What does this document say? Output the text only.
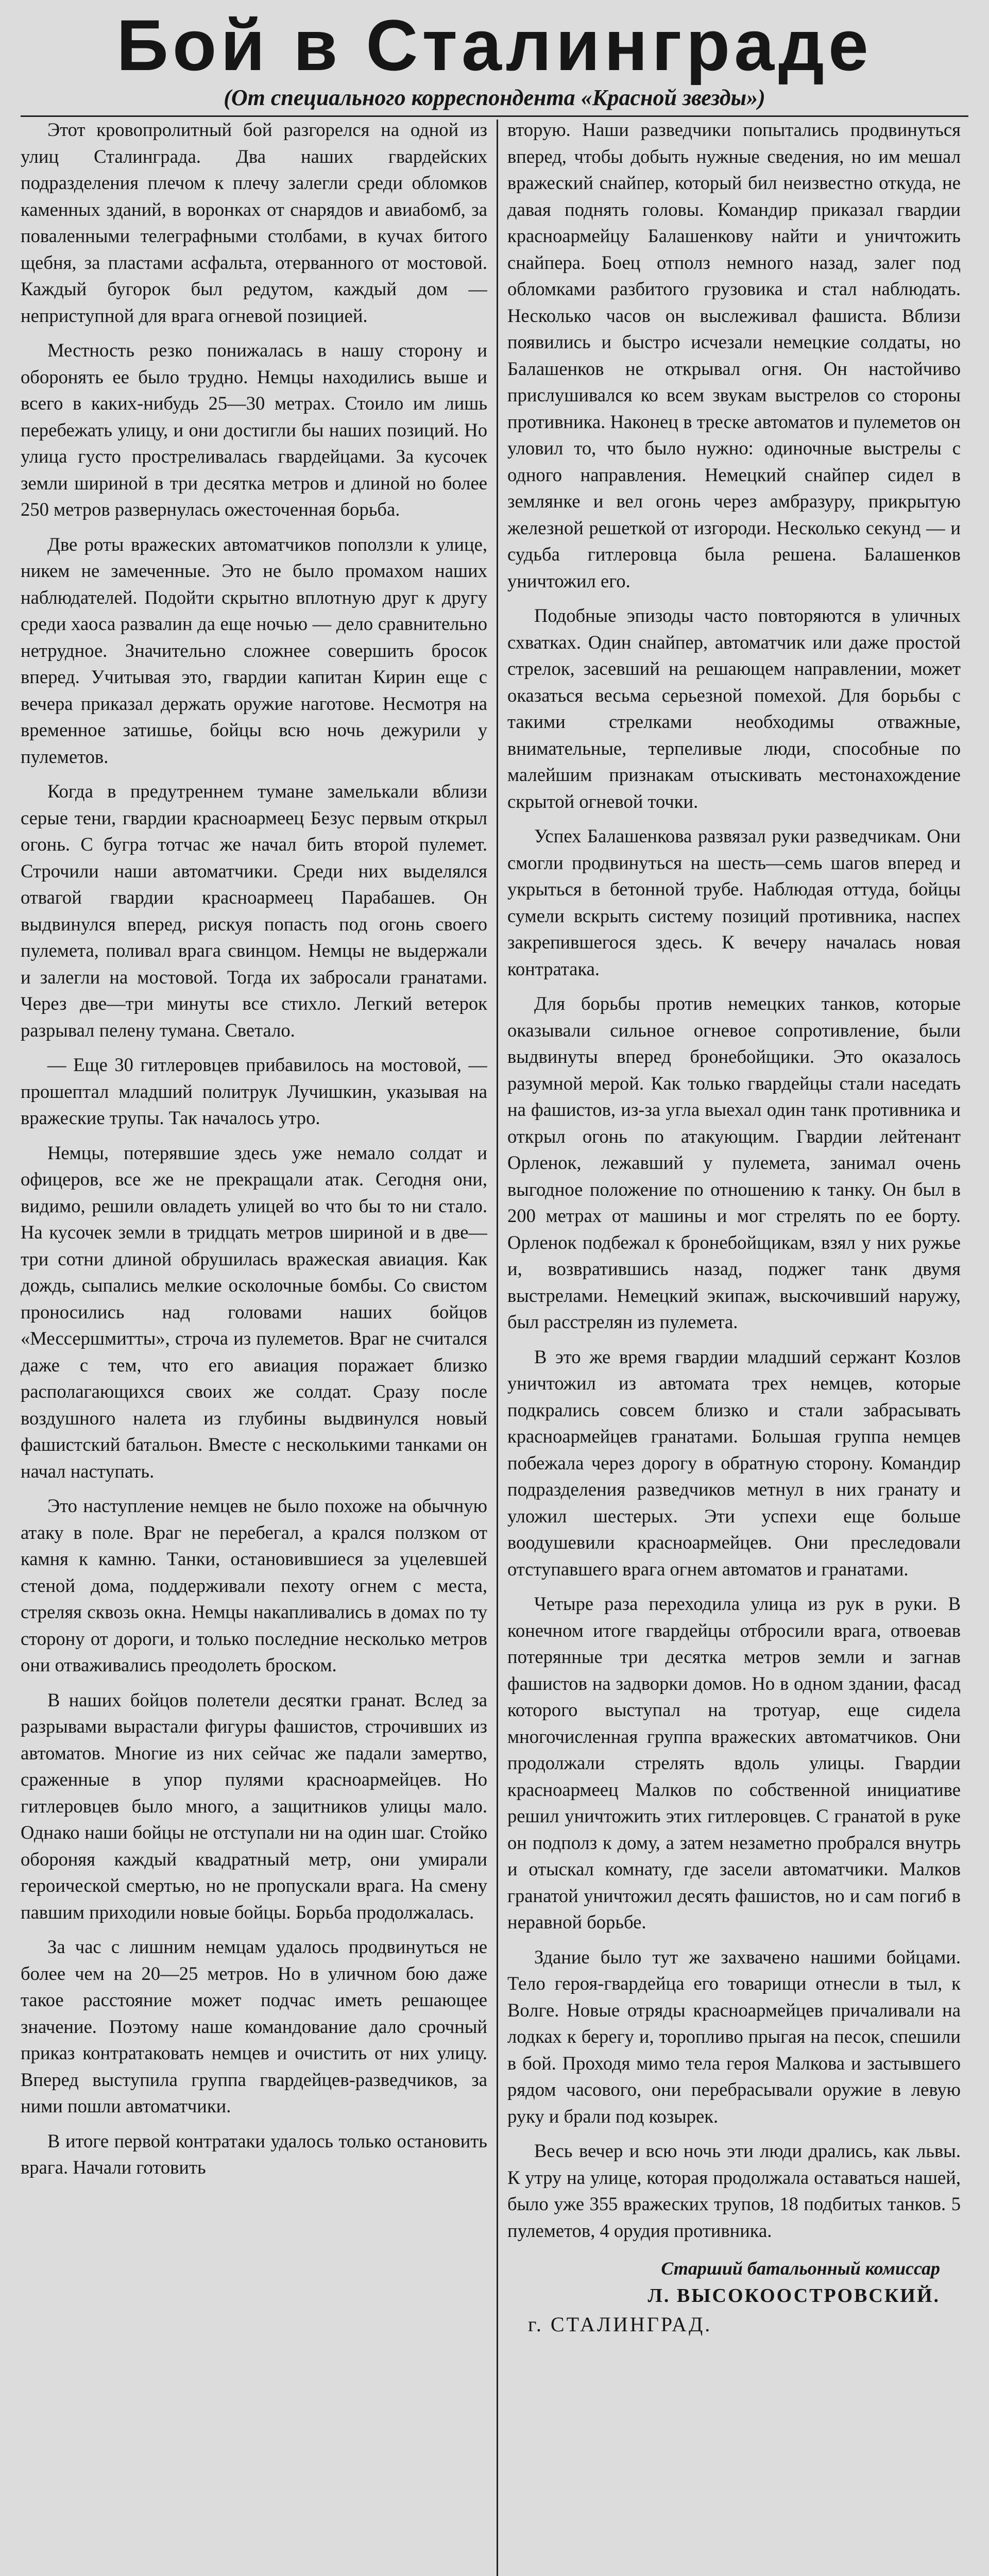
Бой в Сталинграде
(От специального корреспондента «Красной звезды»)

Этот кровопролитный бой разгорелся на одной из улиц Сталинграда. Два наших гвардейских подразделения плечом к плечу залегли среди обломков каменных зданий, в воронках от снарядов и авиабомб, за поваленными телеграфными столбами, в кучах битого щебня, за пластами асфальта, отерванного от мостовой. Каждый бугорок был редутом, каждый дом — неприступной для врага огневой позицией.

Местность резко понижалась в нашу сторону и оборонять ее было трудно. Немцы находились выше и всего в каких-нибудь 25—30 метрах. Стоило им лишь перебежать улицу, и они достигли бы наших позиций. Но улица густо простреливалась гвардейцами. За кусочек земли шириной в три десятка метров и длиной но более 250 метров развернулась ожесточенная борьба.

Две роты вражеских автоматчиков поползли к улице, никем не замеченные. Это не было промахом наших наблюдателей. Подойти скрытно вплотную друг к другу среди хаоса развалин да еще ночью — дело сравнительно нетрудное. Значительно сложнее совершить бросок вперед. Учитывая это, гвардии капитан Кирин еще с вечера приказал держать оружие наготове. Несмотря на временное затишье, бойцы всю ночь дежурили у пулеметов.

Когда в предутреннем тумане замелькали вблизи серые тени, гвардии красноармеец Безус первым открыл огонь. С бугра тотчас же начал бить второй пулемет. Строчили наши автоматчики. Среди них выделялся отвагой гвардии красноармеец Парабашев. Он выдвинулся вперед, рискуя попасть под огонь своего пулемета, поливал врага свинцом. Немцы не выдержали и залегли на мостовой. Тогда их забросали гранатами. Через две—три минуты все стихло. Легкий ветерок разрывал пелену тумана. Светало.

— Еще 30 гитлеровцев прибавилось на мостовой, — прошептал младший политрук Лучишкин, указывая на вражеские трупы. Так началось утро.

Немцы, потерявшие здесь уже немало солдат и офицеров, все же не прекращали атак. Сегодня они, видимо, решили овладеть улицей во что бы то ни стало. На кусочек земли в тридцать метров шириной и в две—три сотни длиной обрушилась вражеская авиация. Как дождь, сыпались мелкие осколочные бомбы. Со свистом проносились над головами наших бойцов «Мессершмитты», строча из пулеметов. Враг не считался даже с тем, что его авиация поражает близко располагающихся своих же солдат. Сразу после воздушного налета из глубины выдвинулся новый фашистский батальон. Вместе с несколькими танками он начал наступать.

Это наступление немцев не было похоже на обычную атаку в поле. Враг не перебегал, а крался ползком от камня к камню. Танки, остановившиеся за уцелевшей стеной дома, поддерживали пехоту огнем с места, стреляя сквозь окна. Немцы накапливались в домах по ту сторону от дороги, и только последние несколько метров они отваживались преодолеть броском.

В наших бойцов полетели десятки гранат. Вслед за разрывами вырастали фигуры фашистов, строчивших из автоматов. Многие из них сейчас же падали замертво, сраженные в упор пулями красноармейцев. Но гитлеровцев было много, а защитников улицы мало. Однако наши бойцы не отступали ни на один шаг. Стойко обороняя каждый квадратный метр, они умирали героической смертью, но не пропускали врага. На смену павшим приходили новые бойцы. Борьба продолжалась.

За час с лишним немцам удалось продвинуться не более чем на 20—25 метров. Но в уличном бою даже такое расстояние может подчас иметь решающее значение. Поэтому наше командование дало срочный приказ контратаковать немцев и очистить от них улицу. Вперед выступила группа гвардейцев-разведчиков, за ними пошли автоматчики.

В итоге первой контратаки удалось только остановить врага. Начали готовить

вторую. Наши разведчики попытались продвинуться вперед, чтобы добыть нужные сведения, но им мешал вражеский снайпер, который бил неизвестно откуда, не давая поднять головы. Командир приказал гвардии красноармейцу Балашенкову найти и уничтожить снайпера. Боец отполз немного назад, залег под обломками разбитого грузовика и стал наблюдать. Несколько часов он выслеживал фашиста. Вблизи появились и быстро исчезали немецкие солдаты, но Балашенков не открывал огня. Он настойчиво прислушивался ко всем звукам выстрелов со стороны противника. Наконец в треске автоматов и пулеметов он уловил то, что было нужно: одиночные выстрелы с одного направления. Немецкий снайпер сидел в землянке и вел огонь через амбразуру, прикрытую железной решеткой от изгороди. Несколько секунд — и судьба гитлеровца была решена. Балашенков уничтожил его.

Подобные эпизоды часто повторяются в уличных схватках. Один снайпер, автоматчик или даже простой стрелок, засевший на решающем направлении, может оказаться весьма серьезной помехой. Для борьбы с такими стрелками необходимы отважные, внимательные, терпеливые люди, способные по малейшим признакам отыскивать местонахождение скрытой огневой точки.

Успех Балашенкова развязал руки разведчикам. Они смогли продвинуться на шесть—семь шагов вперед и укрыться в бетонной трубе. Наблюдая оттуда, бойцы сумели вскрыть систему позиций противника, наспех закрепившегося здесь. К вечеру началась новая контратака.

Для борьбы против немецких танков, которые оказывали сильное огневое сопротивление, были выдвинуты вперед бронебойщики. Это оказалось разумной мерой. Как только гвардейцы стали наседать на фашистов, из-за угла выехал один танк противника и открыл огонь по атакующим. Гвардии лейтенант Орленок, лежавший у пулемета, занимал очень выгодное положение по отношению к танку. Он был в 200 метрах от машины и мог стрелять по ее борту. Орленок подбежал к бронебойщикам, взял у них ружье и, возвратившись назад, поджег танк двумя выстрелами. Немецкий экипаж, выскочивший наружу, был расстрелян из пулемета.

В это же время гвардии младший сержант Козлов уничтожил из автомата трех немцев, которые подкрались совсем близко и стали забрасывать красноармейцев гранатами. Большая группа немцев побежала через дорогу в обратную сторону. Командир подразделения разведчиков метнул в них гранату и уложил шестерых. Эти успехи еще больше воодушевили красноармейцев. Они преследовали отступавшего врага огнем автоматов и гранатами.

Четыре раза переходила улица из рук в руки. В конечном итоге гвардейцы отбросили врага, отвоевав потерянные три десятка метров земли и загнав фашистов на задворки домов. Но в одном здании, фасад которого выступал на тротуар, еще сидела многочисленная группа вражеских автоматчиков. Они продолжали стрелять вдоль улицы. Гвардии красноармеец Малков по собственной инициативе решил уничтожить этих гитлеровцев. С гранатой в руке он подполз к дому, а затем незаметно пробрался внутрь и отыскал комнату, где засели автоматчики. Малков гранатой уничтожил десять фашистов, но и сам погиб в неравной борьбе.

Здание было тут же захвачено нашими бойцами. Тело героя-гвардейца его товарищи отнесли в тыл, к Волге. Новые отряды красноармейцев причаливали на лодках к берегу и, торопливо прыгая на песок, спешили в бой. Проходя мимо тела героя Малкова и застывшего рядом часового, они перебрасывали оружие в левую руку и брали под козырек.

Весь вечер и всю ночь эти люди дрались, как львы. К утру на улице, которая продолжала оставаться нашей, было уже 355 вражеских трупов, 18 подбитых танков. 5 пулеметов, 4 орудия противника.

Старший батальонный комиссар
Л. ВЫСОКООСТРОВСКИЙ.
г. СТАЛИНГРАД.
